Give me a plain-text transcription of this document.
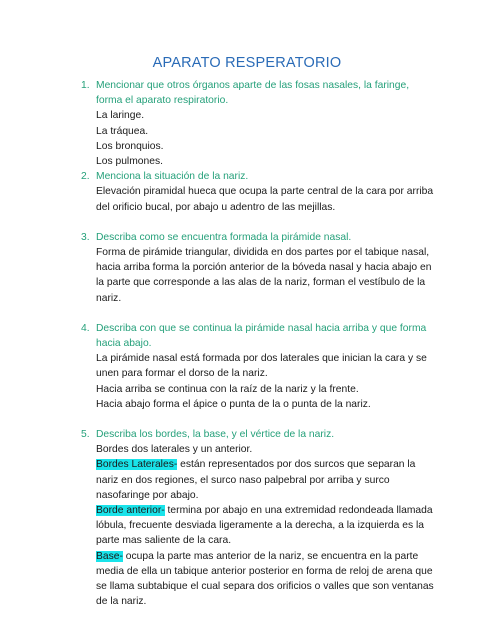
APARATO RESPERATORIO
1. Mencionar que otros órganos aparte de las fosas nasales, la faringe, forma el aparato respiratorio.
La laringe.
La tráquea.
Los bronquios.
Los pulmones.
2. Menciona la situación de la nariz.
Elevación piramidal hueca que ocupa la parte central de la cara por arriba del orificio bucal, por abajo u adentro de las mejillas.
3. Describa como se encuentra formada la pirámide nasal.
Forma de pirámide triangular, dividida en dos partes por el tabique nasal, hacia arriba forma la porción anterior de la bóveda nasal y hacia abajo en la parte que corresponde a las alas de la nariz, forman el vestíbulo de la nariz.
4. Describa con que se continua la pirámide nasal hacia arriba y que forma hacia abajo.
La pirámide nasal está formada por dos laterales que inician la cara y se unen para formar el dorso de la nariz.
Hacia arriba se continua con la raíz de la nariz y la frente.
Hacia abajo forma el ápice o punta de la o punta de la nariz.
5. Describa los bordes, la base, y el vértice de la nariz.
Bordes dos laterales y un anterior.
Bordes Laterales- están representados por dos surcos que separan la nariz en dos regiones, el surco naso palpebral por arriba y surco nasofaringe por abajo.
Borde anterior- termina por abajo en una extremidad redondeada llamada lóbula, frecuente desviada ligeramente a la derecha, a la izquierda es la parte mas saliente de la cara.
Base- ocupa la parte mas anterior de la nariz, se encuentra en la parte media de ella un tabique anterior posterior en forma de reloj de arena que se llama subtabique el cual separa dos orificios o valles que son ventanas de la nariz.
